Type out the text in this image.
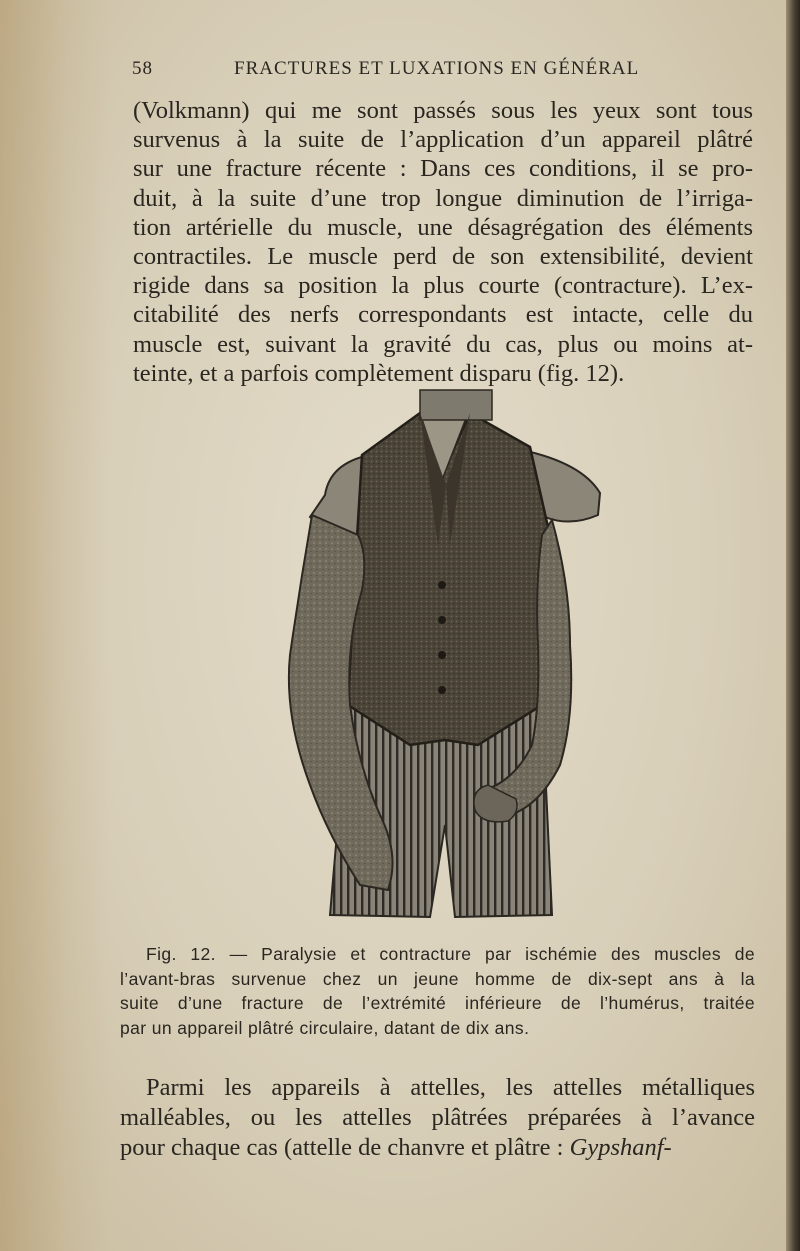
58	FRACTURES ET LUXATIONS EN GÉNÉRAL
(Volkmann) qui me sont passés sous les yeux sont tous
survenus à la suite de l’application d’un appareil plâtré
sur une fracture récente : Dans ces conditions, il se pro-
duit, à la suite d’une trop longue diminution de l’irriga-
tion artérielle du muscle, une désagrégation des éléments
contractiles. Le muscle perd de son extensibilité, devient
rigide dans sa position la plus courte (contracture). L’ex-
citabilité des nerfs correspondants est intacte, celle du
muscle est, suivant la gravité du cas, plus ou moins at-
teinte, et a parfois complètement disparu (fig. 12).
Fig. 12. — Paralysie et contracture par ischémie des muscles de
l’avant-bras survenue chez un jeune homme de dix-sept ans à la
suite d’une fracture de l’extrémité inférieure de l’humérus, traitée
par un appareil plâtré circulaire, datant de dix ans.
Parmi les appareils à attelles, les attelles métalliques
malléables, ou les attelles plâtrées préparées à l’avance
pour chaque cas (attelle de chanvre et plâtre : Gypshanf-
